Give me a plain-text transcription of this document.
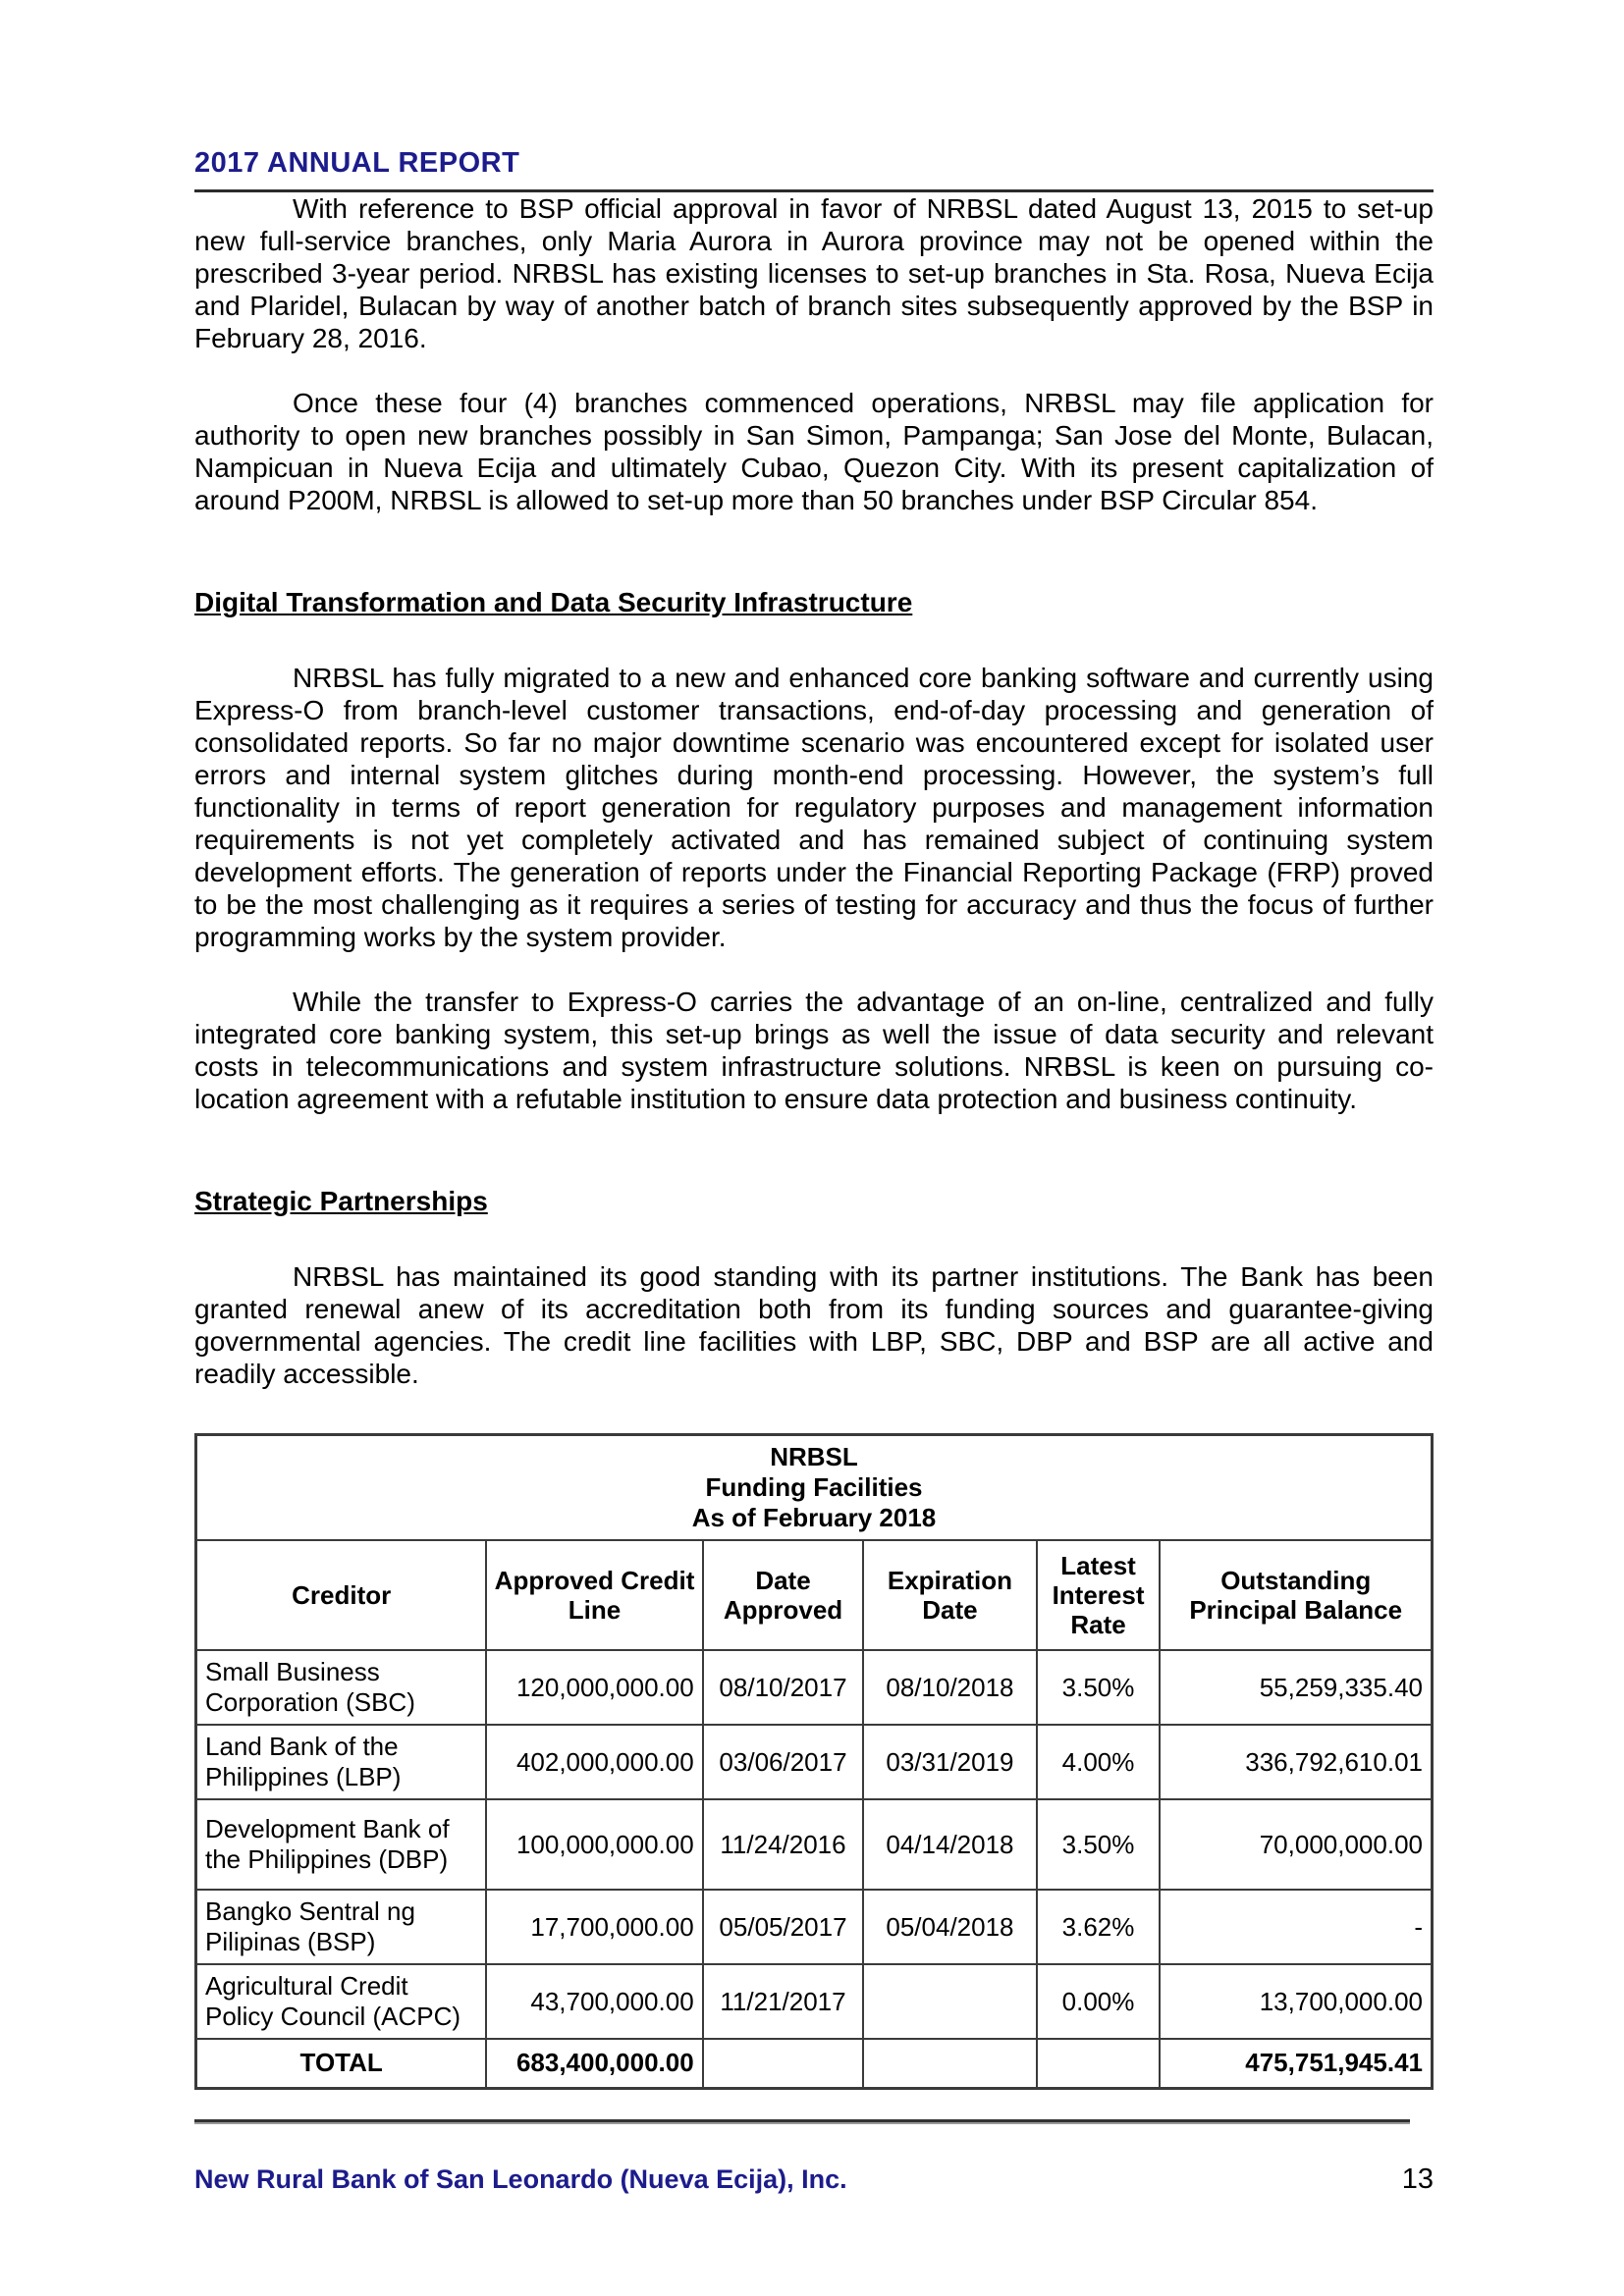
2017 ANNUAL REPORT

With reference to BSP official approval in favor of NRBSL dated August 13, 2015 to set-up new full-service branches, only Maria Aurora in Aurora province may not be opened within the prescribed 3-year period. NRBSL has existing licenses to set-up branches in Sta. Rosa, Nueva Ecija and Plaridel, Bulacan by way of another batch of branch sites subsequently approved by the BSP in February 28, 2016.

Once these four (4) branches commenced operations, NRBSL may file application for authority to open new branches possibly in San Simon, Pampanga; San Jose del Monte, Bulacan, Nampicuan in Nueva Ecija and ultimately Cubao, Quezon City. With its present capitalization of around P200M, NRBSL is allowed to set-up more than 50 branches under BSP Circular 854.

Digital Transformation and Data Security Infrastructure

NRBSL has fully migrated to a new and enhanced core banking software and currently using Express-O from branch-level customer transactions, end-of-day processing and generation of consolidated reports. So far no major downtime scenario was encountered except for isolated user errors and internal system glitches during month-end processing. However, the system’s full functionality in terms of report generation for regulatory purposes and management information requirements is not yet completely activated and has remained subject of continuing system development efforts. The generation of reports under the Financial Reporting Package (FRP) proved to be the most challenging as it requires a series of testing for accuracy and thus the focus of further programming works by the system provider.

While the transfer to Express-O carries the advantage of an on-line, centralized and fully integrated core banking system, this set-up brings as well the issue of data security and relevant costs in telecommunications and system infrastructure solutions. NRBSL is keen on pursuing co-location agreement with a refutable institution to ensure data protection and business continuity.

Strategic Partnerships

NRBSL has maintained its good standing with its partner institutions. The Bank has been granted renewal anew of its accreditation both from its funding sources and guarantee-giving governmental agencies. The credit line facilities with LBP, SBC, DBP and BSP are all active and readily accessible.

NRBSL
Funding Facilities
As of February 2018					

Creditor	Approved Credit Line	Date Approved	Expiration Date	Latest Interest Rate	Outstanding Principal Balance
Small Business Corporation (SBC)	120,000,000.00	08/10/2017	08/10/2018	3.50%	55,259,335.40
Land Bank of the Philippines (LBP)	402,000,000.00	03/06/2017	03/31/2019	4.00%	336,792,610.01
Development Bank of the Philippines (DBP)	100,000,000.00	11/24/2016	04/14/2018	3.50%	70,000,000.00
Bangko Sentral ng Pilipinas (BSP)	17,700,000.00	05/05/2017	05/04/2018	3.62%	-
Agricultural Credit Policy Council (ACPC)	43,700,000.00	11/21/2017		0.00%	13,700,000.00
TOTAL	683,400,000.00				475,751,945.41
New Rural Bank of San Leonardo (Nueva Ecija), Inc.	13
